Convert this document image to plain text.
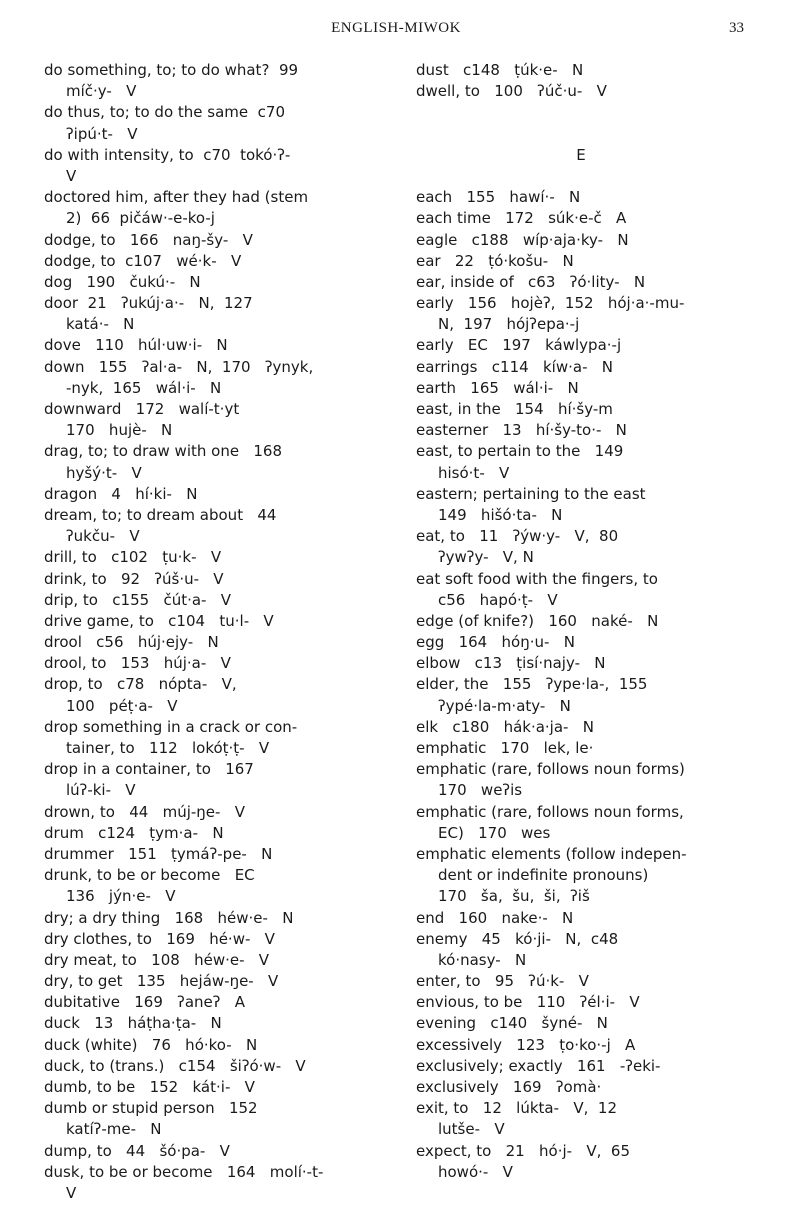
ENGLISH-MIWOK	33
do something, to; to do what?  99
míč·y-   V
do thus, to; to do the same  c70
ʔipú·t-   V
do with intensity, to  c70  tokó·ʔ-
V
doctored him, after they had (stem
2)  66  pičáw·-e-ko-j
dodge, to   166   naŋ-šy-   V
dodge, to  c107   wé·k-   V
dog   190   čukú·-   N
door  21   ʔukúj·a·-   N,  127
katá·-   N
dove   110   húl·uw·i-   N
down   155   ʔal·a-   N,  170   ʔynyk,
-nyk,  165   wál·i-   N
downward   172   walí-t·yt
170   hujè-   N
drag, to; to draw with one   168
hyšý·t-   V
dragon   4   hí·ki-   N
dream, to; to dream about   44
ʔukču-   V
drill, to   c102   ṭu·k-   V
drink, to   92   ʔúš·u-   V
drip, to   c155   čút·a-   V
drive game, to   c104   tu·l-   V
drool   c56   húj·ejy-   N
drool, to   153   húj·a-   V
drop, to   c78   nópta-   V,
100   péṭ·a-   V
drop something in a crack or con-
tainer, to   112   lokóṭ·ṭ-   V
drop in a container, to   167
lúʔ-ki-   V
drown, to   44   múj-ŋe-   V
drum   c124   ṭym·a-   N
drummer   151   ṭymáʔ-pe-   N
drunk, to be or become   EC
136   jýn·e-   V
dry; a dry thing   168   héw·e-   N
dry clothes, to   169   hé·w-   V
dry meat, to   108   héw·e-   V
dry, to get   135   hejáw-ŋe-   V
dubitative   169   ʔaneʔ   A
duck   13   háṭha·ṭa-   N
duck (white)   76   hó·ko-   N
duck, to (trans.)   c154   šiʔó·w-   V
dumb, to be   152   kát·i-   V
dumb or stupid person   152
katíʔ-me-   N
dump, to   44   šó·pa-   V
dusk, to be or become   164   molí·-t-
V
dust   c148   ṭúk·e-   N
dwell, to   100   ʔúč·u-   V
E
each   155   hawí·-   N
each time   172   súk·e-č   A
eagle   c188   wíp·aja·ky-   N
ear   22   ṭó·košu-   N
ear, inside of   c63   ʔó·lity-   N
early   156   hojèʔ,  152   hój·a·-mu-
N,  197   hójʔepa·-j
early   EC   197   káwlypa·-j
earrings   c114   kíw·a-   N
earth   165   wál·i-   N
east, in the   154   hí·šy-m
easterner   13   hí·šy-to·-   N
east, to pertain to the   149
hisó·t-   V
eastern; pertaining to the east
149   hišó·ta-   N
eat, to   11   ʔýw·y-   V,  80
ʔywʔy-   V, N
eat soft food with the fingers, to
c56   hapó·ṭ-   V
edge (of knife?)   160   naké-   N
egg   164   hóŋ·u-   N
elbow   c13   ṭisí·najy-   N
elder, the   155   ʔype·la-,  155
ʔypé·la-m·aty-   N
elk   c180   hák·a·ja-   N
emphatic   170   lek, le·
emphatic (rare, follows noun forms)
170   weʔis
emphatic (rare, follows noun forms,
EC)   170   wes
emphatic elements (follow indepen-
dent or indefinite pronouns)
170   ša,  šu,  ši,  ʔiš
end   160   nake·-   N
enemy   45   kó·ji-   N,  c48
kó·nasy-   N
enter, to   95   ʔú·k-   V
envious, to be   110   ʔél·i-   V
evening   c140   šyné-   N
excessively   123   ṭo·ko·-j   A
exclusively; exactly   161   -ʔeki-
exclusively   169   ʔomà·
exit, to   12   lúkta-   V,  12
lutše-   V
expect, to   21   hó·j-   V,  65
howó·-   V
